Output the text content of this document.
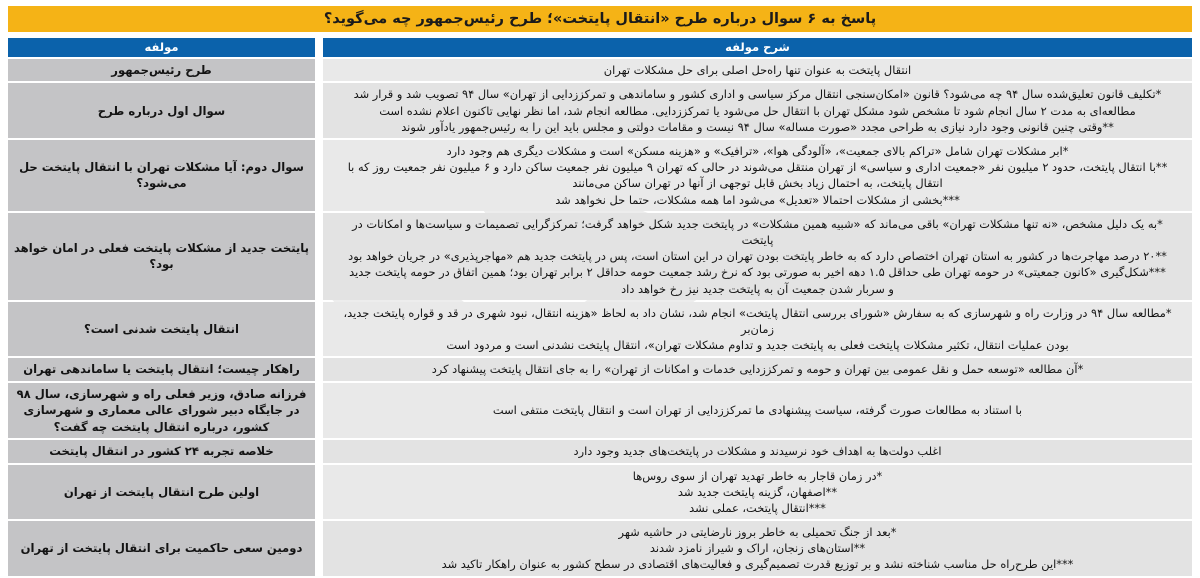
پاسخ به ۶ سوال درباره طرح «انتقال پایتخت»؛ طرح رئیس‌جمهور چه می‌گوید؟
شرح مولفه		مولفه

انتقال پایتخت به عنوان تنها راه‌حل اصلی برای حل مشکلات تهران		طرح رئیس‌جمهور

*تکلیف قانون تعلیق‌شده سال ۹۴ چه می‌شود؟ قانون «امکان‌سنجی انتقال مرکز سیاسی و اداری کشور و ساماندهی و تمرکززدایی از تهران» سال ۹۴ تصویب شد و قرار شد
مطالعه‌ای به مدت ۲ سال انجام شود تا مشخص شود مشکل تهران با انتقال حل می‌شود یا تمرکززدایی. مطالعه انجام شد، اما نظر نهایی تاکنون اعلام نشده است
**وقتی چنین قانونی وجود دارد نیازی به طراحی مجدد «صورت مساله» سال ۹۴ نیست و مقامات دولتی و مجلس باید این را به رئیس‌جمهور یادآور شوند		سوال اول درباره طرح

*ابر مشکلات تهران شامل «تراکم بالای جمعیت»، «آلودگی هوا»، «ترافیک» و «هزینه مسکن» است و مشکلات دیگری هم وجود دارد
**با انتقال پایتخت، حدود ۲ میلیون نفر «جمعیت اداری و سیاسی» از تهران منتقل می‌شوند در حالی که تهران ۹ میلیون نفر جمعیت ساکن دارد و ۶ میلیون نفر جمعیت روز که با
انتقال پایتخت، به احتمال زیاد بخش قابل توجهی از آنها در تهران ساکن می‌مانند
***بخشی از مشکلات احتمالا «تعدیل» می‌شود اما همه مشکلات، حتما حل نخواهد شد		سوال دوم: آیا مشکلات تهران با انتقال پایتخت حل می‌شود؟

*به یک دلیل مشخص، «نه تنها مشکلات تهران» باقی می‌ماند که «شبیه همین مشکلات» در پایتخت جدید شکل خواهد گرفت؛ تمرکزگرایی تصمیمات و سیاست‌ها و امکانات در
پایتخت
**۲۰ درصد مهاجرت‌ها در کشور به استان تهران اختصاص دارد که به خاطر پایتخت بودن تهران در این استان است، پس در پایتخت جدید هم «مهاجرپذیری» در جریان خواهد بود
***شکل‌گیری «کانون جمعیتی» در حومه تهران طی حداقل ۱.۵ دهه اخیر به صورتی بود که نرخ رشد جمعیت حومه حداقل ۲ برابر تهران بود؛ همین اتفاق در حومه پایتخت جدید
و سربار شدن جمعیت آن به پایتخت جدید نیز رخ خواهد داد		پایتخت جدید از مشکلات پایتخت فعلی در امان خواهد بود؟

*مطالعه سال ۹۴ در وزارت راه و شهرسازی که به سفارش «شورای بررسی انتقال پایتخت» انجام شد، نشان داد به لحاظ «هزینه انتقال، نبود شهری در قد و قواره پایتخت جدید، زمان‌بر
بودن عملیات انتقال، تکثیر مشکلات پایتخت فعلی به پایتخت جدید و تداوم مشکلات تهران»، انتقال پایتخت نشدنی است و مردود است		انتقال پایتخت شدنی است؟

*آن مطالعه «توسعه حمل و نقل عمومی بین تهران و حومه و تمرکززدایی خدمات و امکانات از تهران» را به جای انتقال پایتخت پیشنهاد کرد		راهکار چیست؛ انتقال پایتخت یا ساماندهی تهران

با استناد به مطالعات صورت گرفته، سیاست پیشنهادی ما تمرکززدایی از تهران است و انتقال پایتخت منتفی است		فرزانه صادق، وزیر فعلی راه و شهرسازی، سال ۹۸ در جایگاه دبیر شورای عالی معماری و شهرسازی کشور، درباره انتقال پایتخت چه گفت؟

اغلب دولت‌ها به اهداف خود نرسیدند و مشکلات در پایتخت‌های جدید وجود دارد		خلاصه تجربه ۲۴ کشور در انتقال پایتخت

*در زمان قاجار به خاطر تهدید تهران از سوی روس‌ها
**اصفهان، گزینه پایتخت جدید شد
***انتقال پایتخت، عملی نشد		اولین طرح انتقال پایتخت از تهران

*بعد از جنگ تحمیلی به خاطر بروز نارضایتی در حاشیه شهر
**استان‌های زنجان، اراک و شیراز نامزد شدند
***این طرح‌راه حل مناسب شناخته نشد و بر توزیع قدرت تصمیم‌گیری و فعالیت‌های اقتصادی در سطح کشور به عنوان راهکار تاکید شد		دومین سعی حاکمیت برای انتقال پایتخت از تهران
